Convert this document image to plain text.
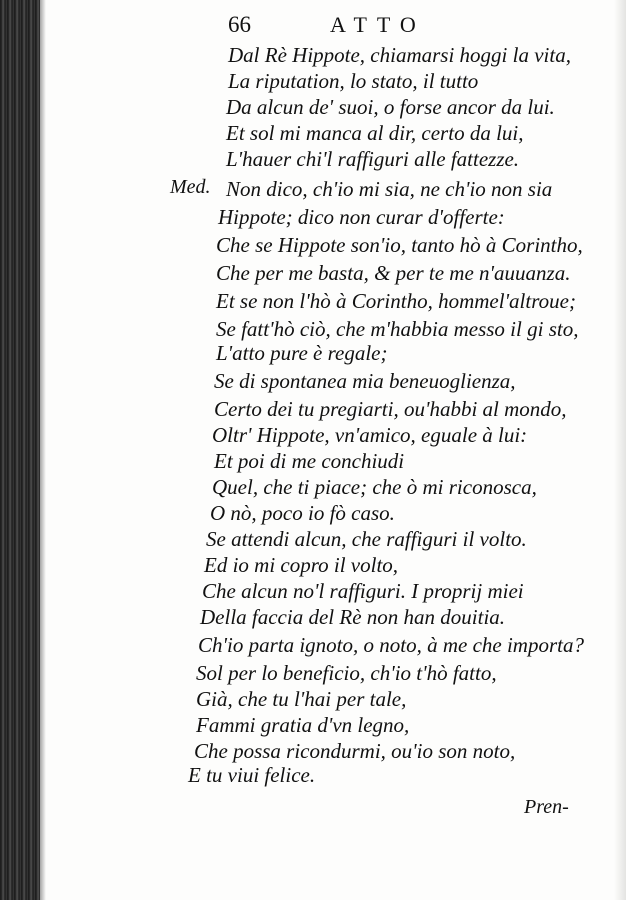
66	ATTO
Med.
Dal Rè Hippote, chiamarsi hoggi la vita,
La riputation, lo stato, il tutto
Da alcun de' suoi, o forse ancor da lui.
Et sol mi manca al dir, certo da lui,
L'hauer chi'l raffiguri alle fattezze.
Non dico, ch'io mi sia, ne ch'io non sia
Hippote; dico non curar d'offerte:
Che se Hippote son'io, tanto hò à Corintho,
Che per me basta, & per te me n'auuanza.
Et se non l'hò à Corintho, hommel'altroue;
Se fatt'hò ciò, che m'habbia messo il gi sto,
L'atto pure è regale;
Se di spontanea mia beneuoglienza,
Certo dei tu pregiarti, ou'habbi al mondo,
Oltr' Hippote, vn'amico, eguale à lui:
Et poi di me conchiudi
Quel, che ti piace; che ò mi riconosca,
O nò, poco io fò caso.
Se attendi alcun, che raffiguri il volto.
Ed io mi copro il volto,
Che alcun no'l raffiguri. I proprij miei
Della faccia del Rè non han douitia.
Ch'io parta ignoto, o noto, à me che importa?
Sol per lo beneficio, ch'io t'hò fatto,
Già, che tu l'hai per tale,
Fammi gratia d'vn legno,
Che possa ricondurmi, ou'io son noto,
E tu viui felice.
Pren-
